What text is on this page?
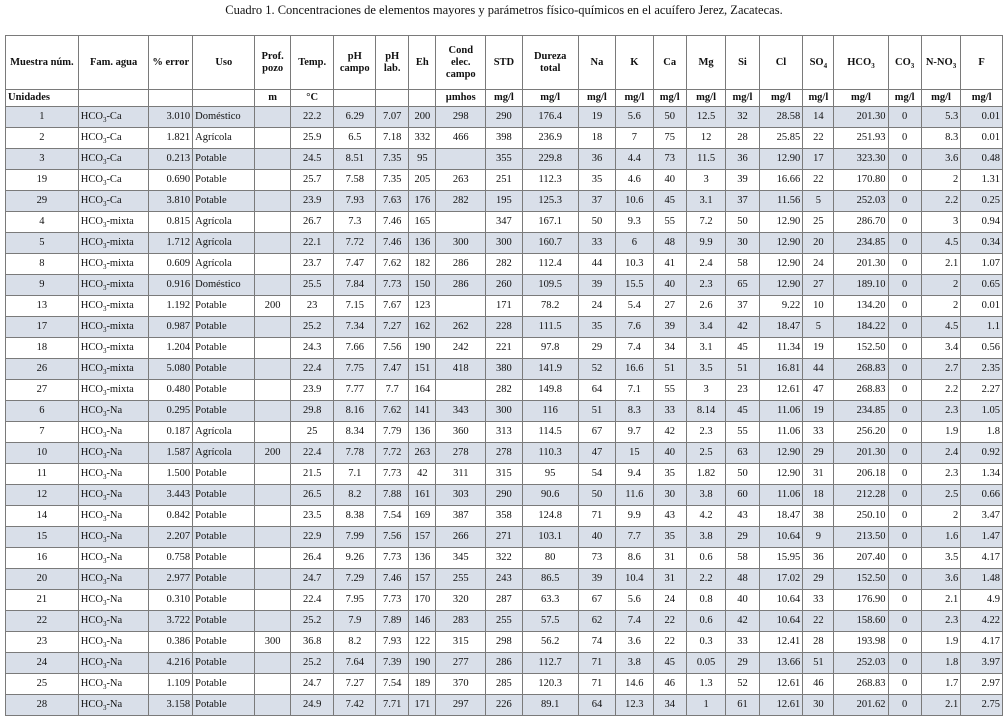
Cuadro 1. Concentraciones de elementos mayores y parámetros físico-químicos en el acuífero Jerez, Zacatecas.
Muestra núm.	Fam. agua	% error	Uso	Prof. pozo	Temp.	pH campo	pH lab.	Eh	Cond elec. campo	STD	Dureza total	Na	K	Ca	Mg	Si	Cl	$SO_4$	$HCO_3$	$CO_3$	$N-NO_3$	F
Unidades				m	°C				µmhos	mg/l	mg/l	mg/l	mg/l	mg/l	mg/l	mg/l	mg/l	mg/l	mg/l	mg/l	mg/l	mg/l
1	$HCO_3-Ca$	3.010	Doméstico		22.2	6.29	7.07	200	298	290	176.4	19	5.6	50	12.5	32	28.58	14	201.30	0	5.3	0.01
2	$HCO_3-Ca$	1.821	Agrícola		25.9	6.5	7.18	332	466	398	236.9	18	7	75	12	28	25.85	22	251.93	0	8.3	0.01
3	$HCO_3-Ca$	0.213	Potable		24.5	8.51	7.35	95		355	229.8	36	4.4	73	11.5	36	12.90	17	323.30	0	3.6	0.48
19	$HCO_3-Ca$	0.690	Potable		25.7	7.58	7.35	205	263	251	112.3	35	4.6	40	3	39	16.66	22	170.80	0	2	1.31
29	$HCO_3-Ca$	3.810	Potable		23.9	7.93	7.63	176	282	195	125.3	37	10.6	45	3.1	37	11.56	5	252.03	0	2.2	0.25
4	$HCO_3$-mixta	0.815	Agrícola		26.7	7.3	7.46	165		347	167.1	50	9.3	55	7.2	50	12.90	25	286.70	0	3	0.94
5	$HCO_3$-mixta	1.712	Agrícola		22.1	7.72	7.46	136	300	300	160.7	33	6	48	9.9	30	12.90	20	234.85	0	4.5	0.34
8	$HCO_3$-mixta	0.609	Agrícola		23.7	7.47	7.62	182	286	282	112.4	44	10.3	41	2.4	58	12.90	24	201.30	0	2.1	1.07
9	$HCO_3$-mixta	0.916	Doméstico		25.5	7.84	7.73	150	286	260	109.5	39	15.5	40	2.3	65	12.90	27	189.10	0	2	0.65
13	$HCO_3$-mixta	1.192	Potable	200	23	7.15	7.67	123		171	78.2	24	5.4	27	2.6	37	9.22	10	134.20	0	2	0.01
17	$HCO_3$-mixta	0.987	Potable		25.2	7.34	7.27	162	262	228	111.5	35	7.6	39	3.4	42	18.47	5	184.22	0	4.5	1.1
18	$HCO_3$-mixta	1.204	Potable		24.3	7.66	7.56	190	242	221	97.8	29	7.4	34	3.1	45	11.34	19	152.50	0	3.4	0.56
26	$HCO_3$-mixta	5.080	Potable		22.4	7.75	7.47	151	418	380	141.9	52	16.6	51	3.5	51	16.81	44	268.83	0	2.7	2.35
27	$HCO_3$-mixta	0.480	Potable		23.9	7.77	7.7	164		282	149.8	64	7.1	55	3	23	12.61	47	268.83	0	2.2	2.27
6	$HCO_3-Na$	0.295	Potable		29.8	8.16	7.62	141	343	300	116	51	8.3	33	8.14	45	11.06	19	234.85	0	2.3	1.05
7	$HCO_3-Na$	0.187	Agrícola		25	8.34	7.79	136	360	313	114.5	67	9.7	42	2.3	55	11.06	33	256.20	0	1.9	1.8
10	$HCO_3-Na$	1.587	Agrícola	200	22.4	7.78	7.72	263	278	278	110.3	47	15	40	2.5	63	12.90	29	201.30	0	2.4	0.92
11	$HCO_3-Na$	1.500	Potable		21.5	7.1	7.73	42	311	315	95	54	9.4	35	1.82	50	12.90	31	206.18	0	2.3	1.34
12	$HCO_3-Na$	3.443	Potable		26.5	8.2	7.88	161	303	290	90.6	50	11.6	30	3.8	60	11.06	18	212.28	0	2.5	0.66
14	$HCO_3-Na$	0.842	Potable		23.5	8.38	7.54	169	387	358	124.8	71	9.9	43	4.2	43	18.47	38	250.10	0	2	3.47
15	$HCO_3-Na$	2.207	Potable		22.9	7.99	7.56	157	266	271	103.1	40	7.7	35	3.8	29	10.64	9	213.50	0	1.6	1.47
16	$HCO_3-Na$	0.758	Potable		26.4	9.26	7.73	136	345	322	80	73	8.6	31	0.6	58	15.95	36	207.40	0	3.5	4.17
20	$HCO_3-Na$	2.977	Potable		24.7	7.29	7.46	157	255	243	86.5	39	10.4	31	2.2	48	17.02	29	152.50	0	3.6	1.48
21	$HCO_3-Na$	0.310	Potable		22.4	7.95	7.73	170	320	287	63.3	67	5.6	24	0.8	40	10.64	33	176.90	0	2.1	4.9
22	$HCO_3-Na$	3.722	Potable		25.2	7.9	7.89	146	283	255	57.5	62	7.4	22	0.6	42	10.64	22	158.60	0	2.3	4.22
23	$HCO_3-Na$	0.386	Potable	300	36.8	8.2	7.93	122	315	298	56.2	74	3.6	22	0.3	33	12.41	28	193.98	0	1.9	4.17
24	$HCO_3-Na$	4.216	Potable		25.2	7.64	7.39	190	277	286	112.7	71	3.8	45	0.05	29	13.66	51	252.03	0	1.8	3.97
25	$HCO_3-Na$	1.109	Potable		24.7	7.27	7.54	189	370	285	120.3	71	14.6	46	1.3	52	12.61	46	268.83	0	1.7	2.97
28	$HCO_3-Na$	3.158	Potable		24.9	7.42	7.71	171	297	226	89.1	64	12.3	34	1	61	12.61	30	201.62	0	2.1	2.75
